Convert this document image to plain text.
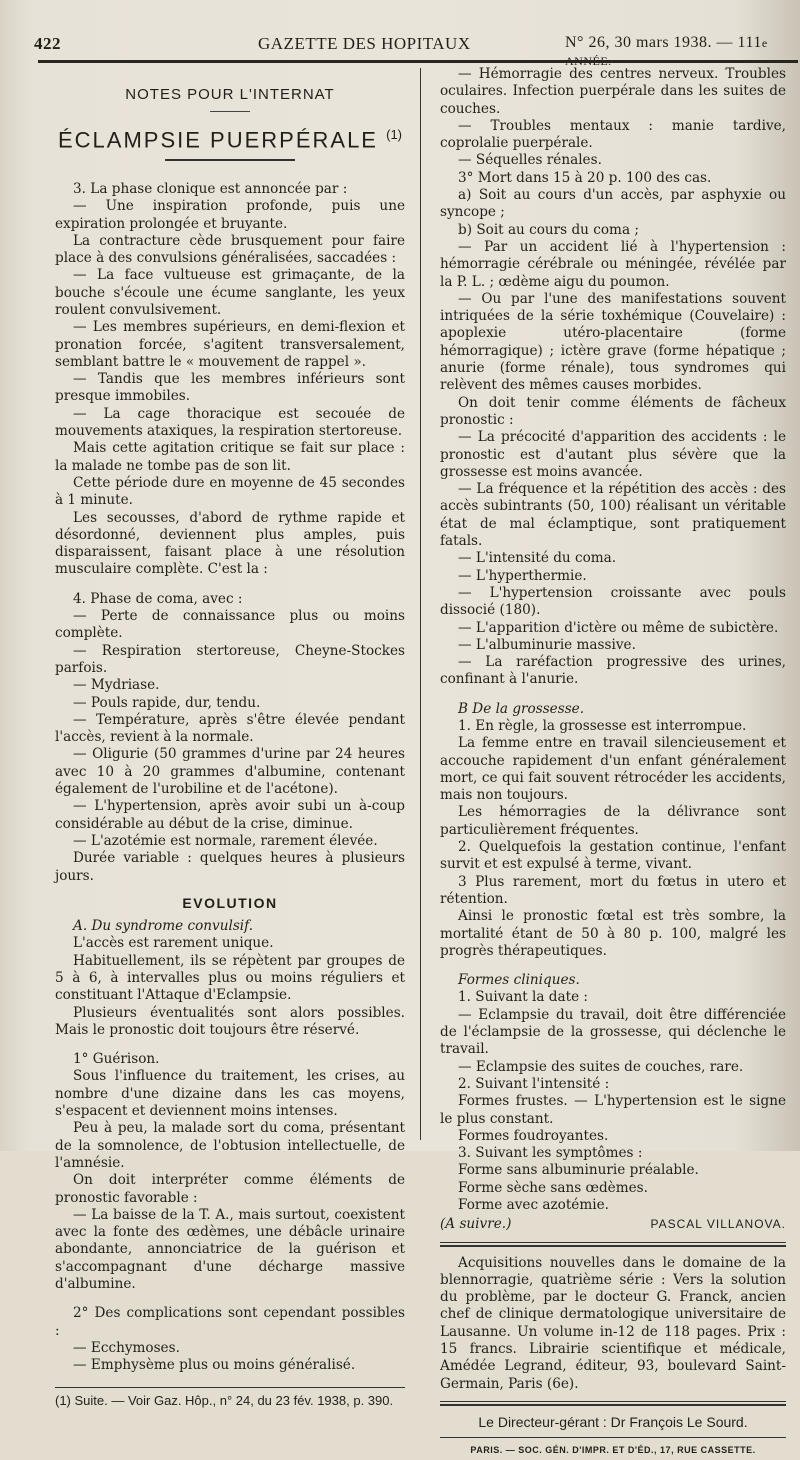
422	GAZETTE DES HOPITAUX	N° 26, 30 mars 1938. — 111e ANNÉE.
NOTES POUR L'INTERNAT
ÉCLAMPSIE PUERPÉRALE $^{(1)}$

3. La phase clonique est annoncée par :

— Une inspiration profonde, puis une expiration prolongée et bruyante.

La contracture cède brusquement pour faire place à des convulsions généralisées, saccadées :

— La face vultueuse est grimaçante, de la bouche s'écoule une écume sanglante, les yeux roulent convulsivement.

— Les membres supérieurs, en demi-flexion et pronation forcée, s'agitent transversalement, semblant battre le « mouvement de rappel ».

— Tandis que les membres inférieurs sont presque immobiles.

— La cage thoracique est secouée de mouvements ataxiques, la respiration stertoreuse.

Mais cette agitation critique se fait sur place : la malade ne tombe pas de son lit.

Cette période dure en moyenne de 45 secondes à 1 minute.

Les secousses, d'abord de rythme rapide et désordonné, deviennent plus amples, puis disparaissent, faisant place à une résolution musculaire complète. C'est la :

4. Phase de coma, avec :

— Perte de connaissance plus ou moins complète.

— Respiration stertoreuse, Cheyne-Stockes parfois.

— Mydriase.

— Pouls rapide, dur, tendu.

— Température, après s'être élevée pendant l'accès, revient à la normale.

— Oligurie (50 grammes d'urine par 24 heures avec 10 à 20 grammes d'albumine, contenant également de l'urobiline et de l'acétone).

— L'hypertension, après avoir subi un à-coup considérable au début de la crise, diminue.

— L'azotémie est normale, rarement élevée.

Durée variable : quelques heures à plusieurs jours.

EVOLUTION

A. Du syndrome convulsif.

L'accès est rarement unique.

Habituellement, ils se répètent par groupes de 5 à 6, à intervalles plus ou moins réguliers et constituant l'Attaque d'Eclampsie.

Plusieurs éventualités sont alors possibles. Mais le pronostic doit toujours être réservé.

1° Guérison.

Sous l'influence du traitement, les crises, au nombre d'une dizaine dans les cas moyens, s'espacent et deviennent moins intenses.

Peu à peu, la malade sort du coma, présentant de la somnolence, de l'obtusion intellectuelle, de l'amnésie.

On doit interpréter comme éléments de pronostic favorable :

— La baisse de la T. A., mais surtout, coexistent avec la fonte des œdèmes, une débâcle urinaire abondante, annonciatrice de la guérison et s'accompagnant d'une décharge massive d'albumine.

2° Des complications sont cependant possibles :

— Ecchymoses.

— Emphysème plus ou moins généralisé.

(1) Suite. — Voir Gaz. Hôp., n° 24, du 23 fév. 1938, p. 390.

— Hémorragie des centres nerveux. Troubles oculaires. Infection puerpérale dans les suites de couches.

— Troubles mentaux : manie tardive, coprolalie puerpérale.

— Séquelles rénales.

3° Mort dans 15 à 20 p. 100 des cas.

a) Soit au cours d'un accès, par asphyxie ou syncope ;

b) Soit au cours du coma ;

— Par un accident lié à l'hypertension : hémorragie cérébrale ou méningée, révélée par la P. L. ; œdème aigu du poumon.

— Ou par l'une des manifestations souvent intriquées de la série toxhémique (Couvelaire) : apoplexie utéro-placentaire (forme hémorragique) ; ictère grave (forme hépatique ; anurie (forme rénale), tous syndromes qui relèvent des mêmes causes morbides.

On doit tenir comme éléments de fâcheux pronostic :

— La précocité d'apparition des accidents : le pronostic est d'autant plus sévère que la grossesse est moins avancée.

— La fréquence et la répétition des accès : des accès subintrants (50, 100) réalisant un véritable état de mal éclamptique, sont pratiquement fatals.

— L'intensité du coma.

— L'hyperthermie.

— L'hypertension croissante avec pouls dissocié (180).

— L'apparition d'ictère ou même de subictère.

— L'albuminurie massive.

— La raréfaction progressive des urines, confinant à l'anurie.

B De la grossesse.

1. En règle, la grossesse est interrompue.

La femme entre en travail silencieusement et accouche rapidement d'un enfant généralement mort, ce qui fait souvent rétrocéder les accidents, mais non toujours.

Les hémorragies de la délivrance sont particulièrement fréquentes.

2. Quelquefois la gestation continue, l'enfant survit et est expulsé à terme, vivant.

3 Plus rarement, mort du fœtus in utero et rétention.

Ainsi le pronostic fœtal est très sombre, la mortalité étant de 50 à 80 p. 100, malgré les progrès thérapeutiques.

Formes cliniques.

1. Suivant la date :

— Eclampsie du travail, doit être différenciée de l'éclampsie de la grossesse, qui déclenche le travail.

— Eclampsie des suites de couches, rare.

2. Suivant l'intensité :

Formes frustes. — L'hypertension est le signe le plus constant.

Formes foudroyantes.

3. Suivant les symptômes :

Forme sans albuminurie préalable.

Forme sèche sans œdèmes.

Forme avec azotémie.

(A suivre.)	PASCAL VILLANOVA.

Acquisitions nouvelles dans le domaine de la blennorragie, quatrième série : Vers la solution du problème, par le docteur G. Franck, ancien chef de clinique dermatologique universitaire de Lausanne. Un volume in-12 de 118 pages. Prix : 15 francs. Librairie scientifique et médicale, Amédée Legrand, éditeur, 93, boulevard Saint-Germain, Paris (6e).

Le Directeur-gérant : Dr François Le Sourd.
PARIS. — SOC. GÉN. D'IMPR. ET D'ÉD., 17, RUE CASSETTE.
